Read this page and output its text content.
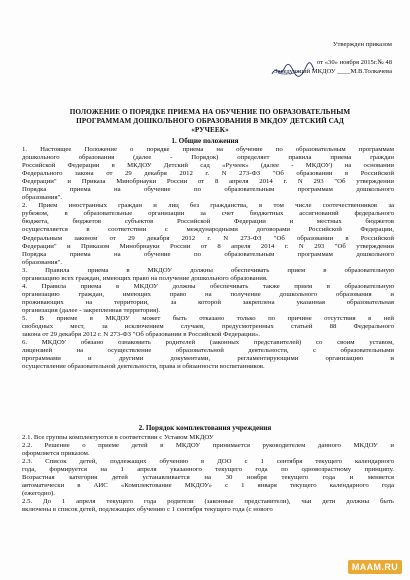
Утвержден приказом
от «30» ноября 2015г.№ 48
Заведующий МКДОУ ____М.В.Толкачева
ПОЛОЖЕНИЕ О ПОРЯДКЕ ПРИЕМА НА ОБУЧЕНИЕ ПО ОБРАЗОВАТЕЛЬНЫМ
ПРОГРАММАМ ДОШКОЛЬНОГО ОБРАЗОВАНИЯ В МКДОУ ДЕТСКИЙ САД
«РУЧЕЕК»
1. Общие положения

1. Настоящее Положение о порядке приема на обучение по образовательным программам
дошкольного образования (далее - Порядок) определяет правила приема граждан
Российской Федерации в МКДОУ Детский сад «Ручеек» (далее - МКДОУ) на основании
Федерального закона от 29 декабря 2012 г. N 273-ФЗ "Об образовании в Российской
Федерации" и Приказа Минобрнауки России от 8 апреля 2014 г. N 293 "Об утверждении
Порядка приема на обучение по образовательным программам дошкольного
образования".

2. Прием иностранных граждан и лиц без гражданства, в том числе соотечественников за
рубежом, в образовательные организации за счет бюджетных ассигнований федерального
бюджета, бюджетов субъектов Российской Федерации и местных бюджетов
осуществляется в соответствии с международными договорами Российской Федерации,
Федеральным законом от 29 декабря 2012 г. N 273-ФЗ "Об образовании в Российской
Федерации" и Приказом Минобрнауки России от 8 апреля 2014 г. N 293 "Об утверждении
Порядка приема на обучение по образовательным программам дошкольного
образования".

3. Правила приема в МКДОУ должны обеспечивать прием в образовательную
организацию всех граждан, имеющих право на получение дошкольного образования.

4. Правила приема в МКДОУ должны обеспечивать также прием в образовательную
организацию граждан, имеющих право на получение дошкольного образования и
проживающих на территории, за которой закреплена указанная образовательная
организация (далее - закрепленная территория).

5. В приеме в МКДОУ может быть отказано только по причине отсутствия в ней
свободных мест, за исключением случаев, предусмотренных статьей 88 Федерального
закона от 29 декабря 2012 г. N 273-ФЗ "Об образовании в Российской Федерации».

6. МКДОУ обязано ознакомить родителей (законных представителей) со своим уставом,
лицензией на осуществление образовательной деятельности, с образовательными
программами и другими документами, регламентирующими организацию и
осуществление образовательной деятельности, права и обязанности воспитанников.

2. Порядок комплектования учреждения

2.1. Все группы комплектуются в соответствии с Уставом МКДОУ

2.2. Решение о приеме детей в МКДОУ принимается руководителем данного МКДОУ и
оформляется приказом.

2.3. Список детей, подлежащих обучению в ДОО с 1 сентября текущего календарного
года, формируется на 1 апреля указанного текущего года по одновозрастному принципу.
Возрастная категория детей устанавливается на 30 ноября текущего года и меняется
автоматически в АИС «Комплектование МКДОУ» с 1 января текущего календарного года
(ежегодно).

2.5. До 1 апреля текущего года родители (законные представители), чьи дети должны быть
включены в список детей, подлежащих обучению с 1 сентября текущего года (с нового

MAAM.RU
